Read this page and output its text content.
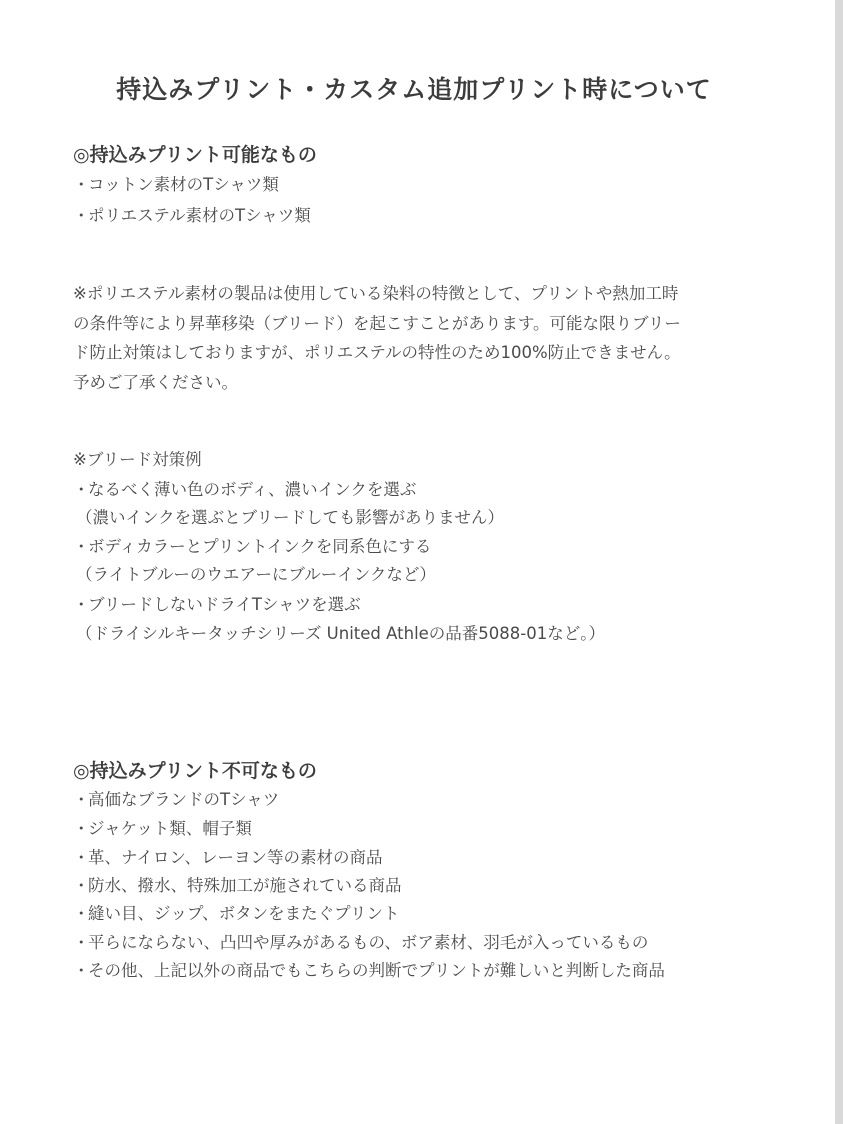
持込みプリント・カスタム追加プリント時について
◎持込みプリント可能なもの
・コットン素材のTシャツ類
・ポリエステル素材のTシャツ類
※ポリエステル素材の製品は使用している染料の特徴として、プリントや熱加工時
の条件等により昇華移染（ブリード）を起こすことがあります。可能な限りブリー
ド防止対策はしておりますが、ポリエステルの特性のため100%防止できません。
予めご了承ください。
※ブリード対策例
・なるべく薄い色のボディ、濃いインクを選ぶ
（濃いインクを選ぶとブリードしても影響がありません）
・ボディカラーとプリントインクを同系色にする
（ライトブルーのウエアーにブルーインクなど）
・ブリードしないドライTシャツを選ぶ
（ドライシルキータッチシリーズ United Athleの品番5088-01など。）
◎持込みプリント不可なもの
・高価なブランドのTシャツ
・ジャケット類、帽子類
・革、ナイロン、レーヨン等の素材の商品
・防水、撥水、特殊加工が施されている商品
・縫い目、ジップ、ボタンをまたぐプリント
・平らにならない、凸凹や厚みがあるもの、ボア素材、羽毛が入っているもの
・その他、上記以外の商品でもこちらの判断でプリントが難しいと判断した商品
